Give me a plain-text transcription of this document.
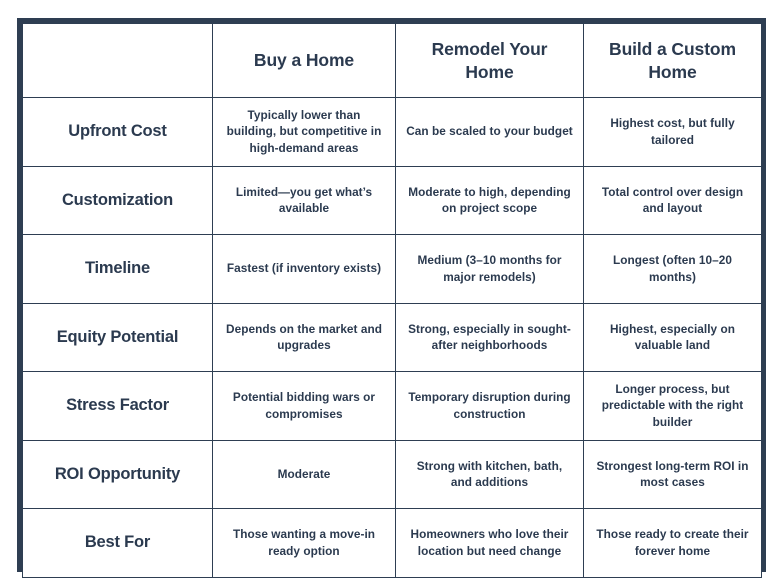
	Buy a Home	Remodel Your Home	Build a Custom Home
Upfront Cost	Typically lower than building, but competitive in high-demand areas	Can be scaled to your budget	Highest cost, but fully tailored
Customization	Limited—you get what’s available	Moderate to high, depending on project scope	Total control over design and layout
Timeline	Fastest (if inventory exists)	Medium (3–10 months for major remodels)	Longest (often 10–20 months)
Equity Potential	Depends on the market and upgrades	Strong, especially in sought-after neighborhoods	Highest, especially on valuable land
Stress Factor	Potential bidding wars or compromises	Temporary disruption during construction	Longer process, but predictable with the right builder
ROI Opportunity	Moderate	Strong with kitchen, bath, and additions	Strongest long-term ROI in most cases
Best For	Those wanting a move-in ready option	Homeowners who love their location but need change	Those ready to create their forever home
